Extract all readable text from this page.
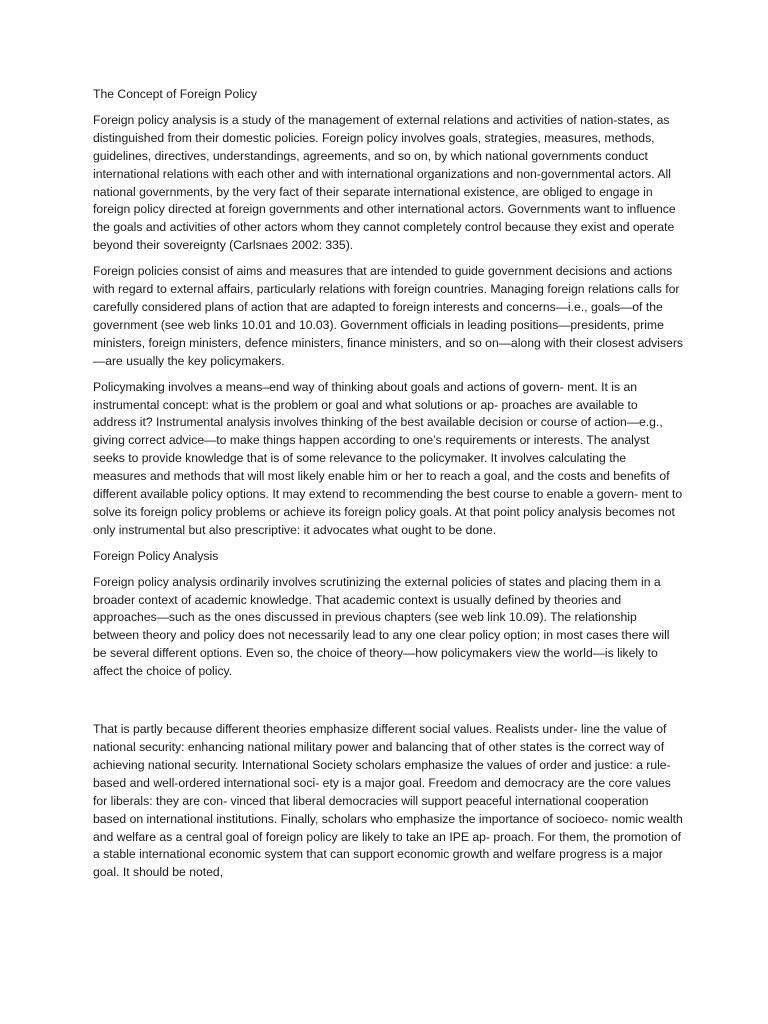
The Concept of Foreign Policy

Foreign policy analysis is a study of the management of external relations and activities of nation-states, as distinguished from their domestic policies. Foreign policy involves goals, strategies, measures, methods, guidelines, directives, understandings, agreements, and so on, by which national governments conduct international relations with each other and with international organizations and non-governmental actors. All national governments, by the very fact of their separate international existence, are obliged to engage in foreign policy directed at foreign governments and other international actors. Governments want to influence the goals and activities of other actors whom they cannot completely control because they exist and operate beyond their sovereignty (Carlsnaes 2002: 335).

Foreign policies consist of aims and measures that are intended to guide government decisions and actions with regard to external affairs, particularly relations with foreign countries. Managing foreign relations calls for carefully considered plans of action that are adapted to foreign interests and concerns—i.e., goals—of the government (see web links 10.01 and 10.03). Government officials in leading positions—presidents, prime ministers, foreign ministers, defence ministers, finance ministers, and so on—along with their closest advisers—are usually the key policymakers.

Policymaking involves a means–end way of thinking about goals and actions of govern- ment. It is an instrumental concept: what is the problem or goal and what solutions or ap- proaches are available to address it? Instrumental analysis involves thinking of the best available decision or course of action—e.g., giving correct advice—to make things happen according to one’s requirements or interests. The analyst seeks to provide knowledge that is of some relevance to the policymaker. It involves calculating the measures and methods that will most likely enable him or her to reach a goal, and the costs and benefits of different available policy options. It may extend to recommending the best course to enable a govern- ment to solve its foreign policy problems or achieve its foreign policy goals. At that point policy analysis becomes not only instrumental but also prescriptive: it advocates what ought to be done.

Foreign Policy Analysis

Foreign policy analysis ordinarily involves scrutinizing the external policies of states and placing them in a broader context of academic knowledge. That academic context is usually defined by theories and approaches—such as the ones discussed in previous chapters (see web link 10.09). The relationship between theory and policy does not necessarily lead to any one clear policy option; in most cases there will be several different options. Even so, the choice of theory—how policymakers view the world—is likely to affect the choice of policy.

That is partly because different theories emphasize different social values. Realists under- line the value of national security: enhancing national military power and balancing that of other states is the correct way of achieving national security. International Society scholars emphasize the values of order and justice: a rule-based and well-ordered international soci- ety is a major goal. Freedom and democracy are the core values for liberals: they are con- vinced that liberal democracies will support peaceful international cooperation based on international institutions. Finally, scholars who emphasize the importance of socioeco- nomic wealth and welfare as a central goal of foreign policy are likely to take an IPE ap- proach. For them, the promotion of a stable international economic system that can support economic growth and welfare progress is a major goal. It should be noted,
